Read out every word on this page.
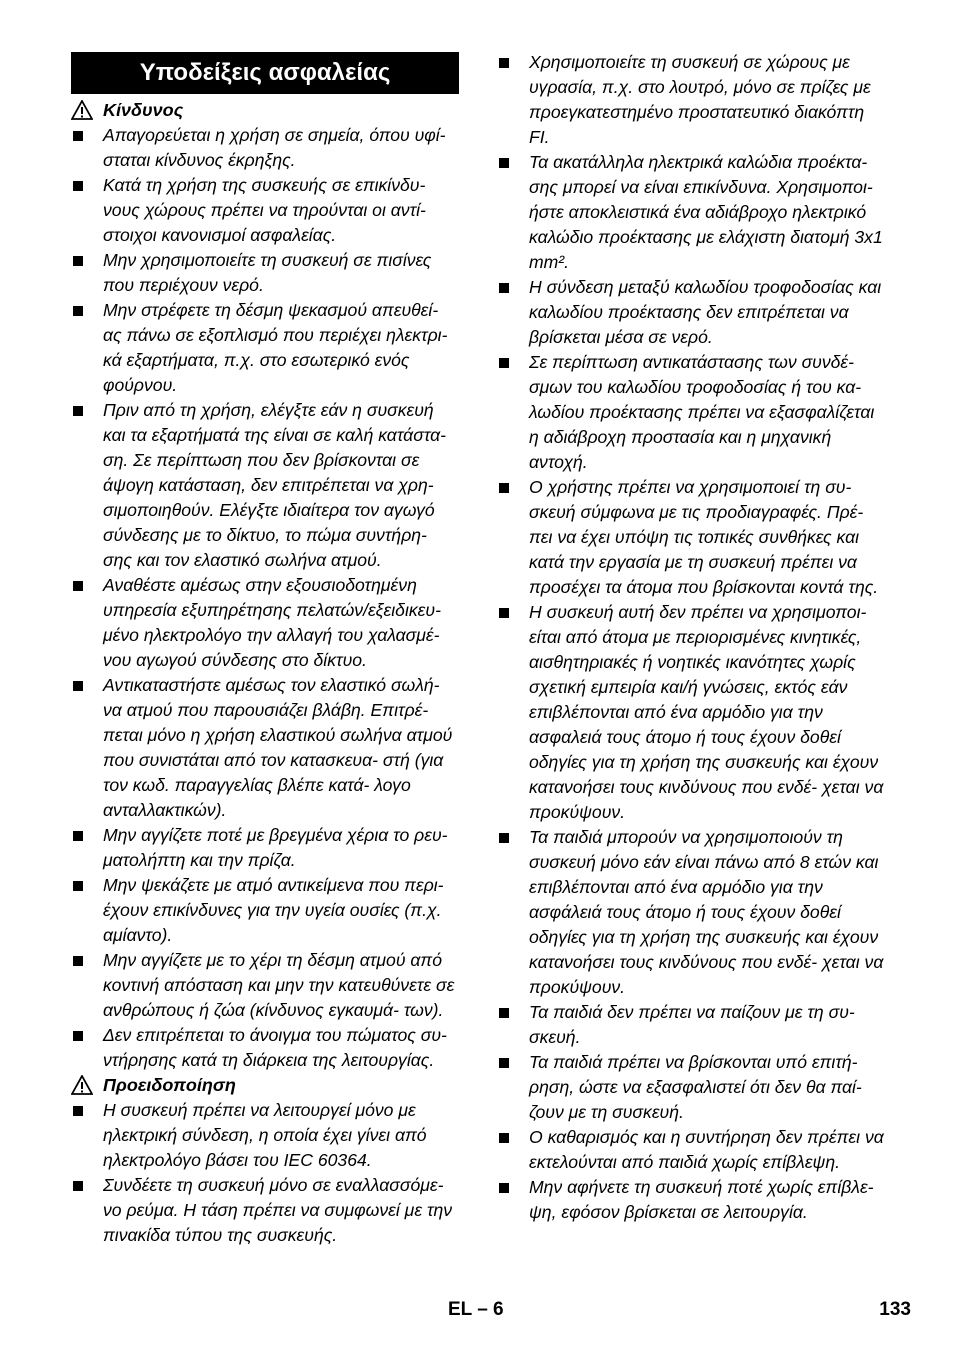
Υποδείξεις ασφαλείας
Κίνδυνος
Απαγορεύεται η χρήση σε σημεία, όπου υφί- σταται κίνδυνος έκρηξης.
Κατά τη χρήση της συσκευής σε επικίνδυ- νους χώρους πρέπει να τηρούνται οι αντί- στοιχοι κανονισμοί ασφαλείας.
Μην χρησιμοποιείτε τη συσκευή σε πισίνες που περιέχουν νερό.
Μην στρέφετε τη δέσμη ψεκασμού απευθεί- ας πάνω σε εξοπλισμό που περιέχει ηλεκτρι- κά εξαρτήματα, π.χ. στο εσωτερικό ενός φούρνου.
Πριν από τη χρήση, ελέγξτε εάν η συσκευή και τα εξαρτήματά της είναι σε καλή κατάστα- ση. Σε περίπτωση που δεν βρίσκονται σε άψογη κατάσταση, δεν επιτρέπεται να χρη- σιμοποιηθούν. Ελέγξτε ιδιαίτερα τον αγωγό σύνδεσης με το δίκτυο, το πώμα συντήρη- σης και τον ελαστικό σωλήνα ατμού.
Αναθέστε αμέσως στην εξουσιοδοτημένη υπηρεσία εξυπηρέτησης πελατών/εξειδικευ- μένο ηλεκτρολόγο την αλλαγή του χαλασμέ- νου αγωγού σύνδεσης στο δίκτυο.
Αντικαταστήστε αμέσως τον ελαστικό σωλή- να ατμού που παρουσιάζει βλάβη. Επιτρέ- πεται μόνο η χρήση ελαστικού σωλήνα ατμού που συνιστάται από τον κατασκευα- στή (για τον κωδ. παραγγελίας βλέπε κατά- λογο ανταλλακτικών).
Μην αγγίζετε ποτέ με βρεγμένα χέρια το ρευ- ματολήπτη και την πρίζα.
Μην ψεκάζετε με ατμό αντικείμενα που περι- έχουν επικίνδυνες για την υγεία ουσίες (π.χ. αμίαντο).
Μην αγγίζετε με το χέρι τη δέσμη ατμού από κοντινή απόσταση και μην την κατευθύνετε σε ανθρώπους ή ζώα (κίνδυνος εγκαυμά- των).
Δεν επιτρέπεται το άνοιγμα του πώματος συ- ντήρησης κατά τη διάρκεια της λειτουργίας.
Προειδοποίηση
Η συσκευή πρέπει να λειτουργεί μόνο με ηλεκτρική σύνδεση, η οποία έχει γίνει από ηλεκτρολόγο βάσει του IEC 60364.
Συνδέετε τη συσκευή μόνο σε εναλλασσόμε- νο ρεύμα. Η τάση πρέπει να συμφωνεί με την πινακίδα τύπου της συσκευής.
Χρησιμοποιείτε τη συσκευή σε χώρους με υγρασία, π.χ. στο λουτρό, μόνο σε πρίζες με προεγκατεστημένο προστατευτικό διακόπτη FI.
Τα ακατάλληλα ηλεκτρικά καλώδια προέκτα- σης μπορεί να είναι επικίνδυνα. Χρησιμοποι- ήστε αποκλειστικά ένα αδιάβροχο ηλεκτρικό καλώδιο προέκτασης με ελάχιστη διατομή 3x1 mm².
Η σύνδεση μεταξύ καλωδίου τροφοδοσίας και καλωδίου προέκτασης δεν επιτρέπεται να βρίσκεται μέσα σε νερό.
Σε περίπτωση αντικατάστασης των συνδέ- σμων του καλωδίου τροφοδοσίας ή του κα- λωδίου προέκτασης πρέπει να εξασφαλίζεται η αδιάβροχη προστασία και η μηχανική αντοχή.
Ο χρήστης πρέπει να χρησιμοποιεί τη συ- σκευή σύμφωνα με τις προδιαγραφές. Πρέ- πει να έχει υπόψη τις τοπικές συνθήκες και κατά την εργασία με τη συσκευή πρέπει να προσέχει τα άτομα που βρίσκονται κοντά της.
Η συσκευή αυτή δεν πρέπει να χρησιμοποι- είται από άτομα με περιορισμένες κινητικές, αισθητηριακές ή νοητικές ικανότητες χωρίς σχετική εμπειρία και/ή γνώσεις, εκτός εάν επιβλέπονται από ένα αρμόδιο για την ασφαλειά τους άτομο ή τους έχουν δοθεί οδηγίες για τη χρήση της συσκευής και έχουν κατανοήσει τους κινδύνους που ενδέ- χεται να προκύψουν.
Τα παιδιά μπορούν να χρησιμοποιούν τη συσκευή μόνο εάν είναι πάνω από 8 ετών και επιβλέπονται από ένα αρμόδιο για την ασφάλειά τους άτομο ή τους έχουν δοθεί οδηγίες για τη χρήση της συσκευής και έχουν κατανοήσει τους κινδύνους που ενδέ- χεται να προκύψουν.
Τα παιδιά δεν πρέπει να παίζουν με τη συ- σκευή.
Τα παιδιά πρέπει να βρίσκονται υπό επιτή- ρηση, ώστε να εξασφαλιστεί ότι δεν θα παί- ζουν με τη συσκευή.
Ο καθαρισμός και η συντήρηση δεν πρέπει να εκτελούνται από παιδιά χωρίς επίβλεψη.
Μην αφήνετε τη συσκευή ποτέ χωρίς επίβλε- ψη, εφόσον βρίσκεται σε λειτουργία.
EL – 6	133
